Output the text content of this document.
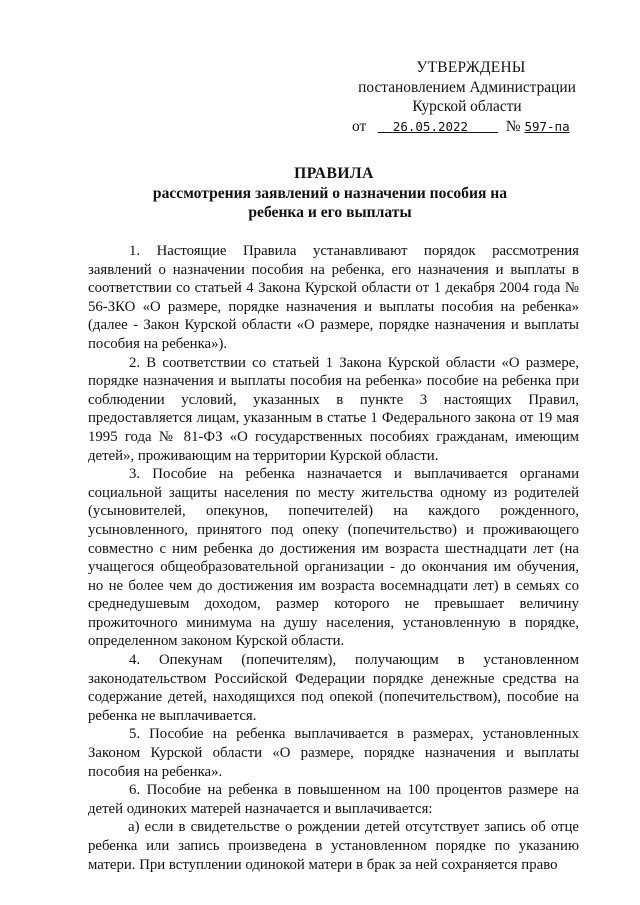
УТВЕРЖДЕНЫ
постановлением Администрации
Курской области
от 26.05.2022 № 597-па
ПРАВИЛА
рассмотрения заявлений о назначении пособия на
ребенка и его выплаты

1. Настоящие Правила устанавливают порядок рассмотрения заявлений о назначении пособия на ребенка, его назначения и выплаты в соответствии со статьей 4 Закона Курской области от 1 декабря 2004 года № 56-ЗКО «О размере, порядке назначения и выплаты пособия на ребенка» (далее - Закон Курской области «О размере, порядке назначения и выплаты пособия на ребенка»).

2. В соответствии со статьей 1 Закона Курской области «О размере, порядке назначения и выплаты пособия на ребенка» пособие на ребенка при соблюдении условий, указанных в пункте 3 настоящих Правил, предоставляется лицам, указанным в статье 1 Федерального закона от 19 мая 1995 года № 81-ФЗ «О государственных пособиях гражданам, имеющим детей», проживающим на территории Курской области.

3. Пособие на ребенка назначается и выплачивается органами социальной защиты населения по месту жительства одному из родителей (усыновителей, опекунов, попечителей) на каждого рожденного, усыновленного, принятого под опеку (попечительство) и проживающего совместно с ним ребенка до достижения им возраста шестнадцати лет (на учащегося общеобразовательной организации - до окончания им обучения, но не более чем до достижения им возраста восемнадцати лет) в семьях со среднедушевым доходом, размер которого не превышает величину прожиточного минимума на душу населения, установленную в порядке, определенном законом Курской области.

4. Опекунам (попечителям), получающим в установленном законодательством Российской Федерации порядке денежные средства на содержание детей, находящихся под опекой (попечительством), пособие на ребенка не выплачивается.

5. Пособие на ребенка выплачивается в размерах, установленных Законом Курской области «О размере, порядке назначения и выплаты пособия на ребенка».

6. Пособие на ребенка в повышенном на 100 процентов размере на детей одиноких матерей назначается и выплачивается:

а) если в свидетельстве о рождении детей отсутствует запись об отце ребенка или запись произведена в установленном порядке по указанию матери. При вступлении одинокой матери в брак за ней сохраняется право
